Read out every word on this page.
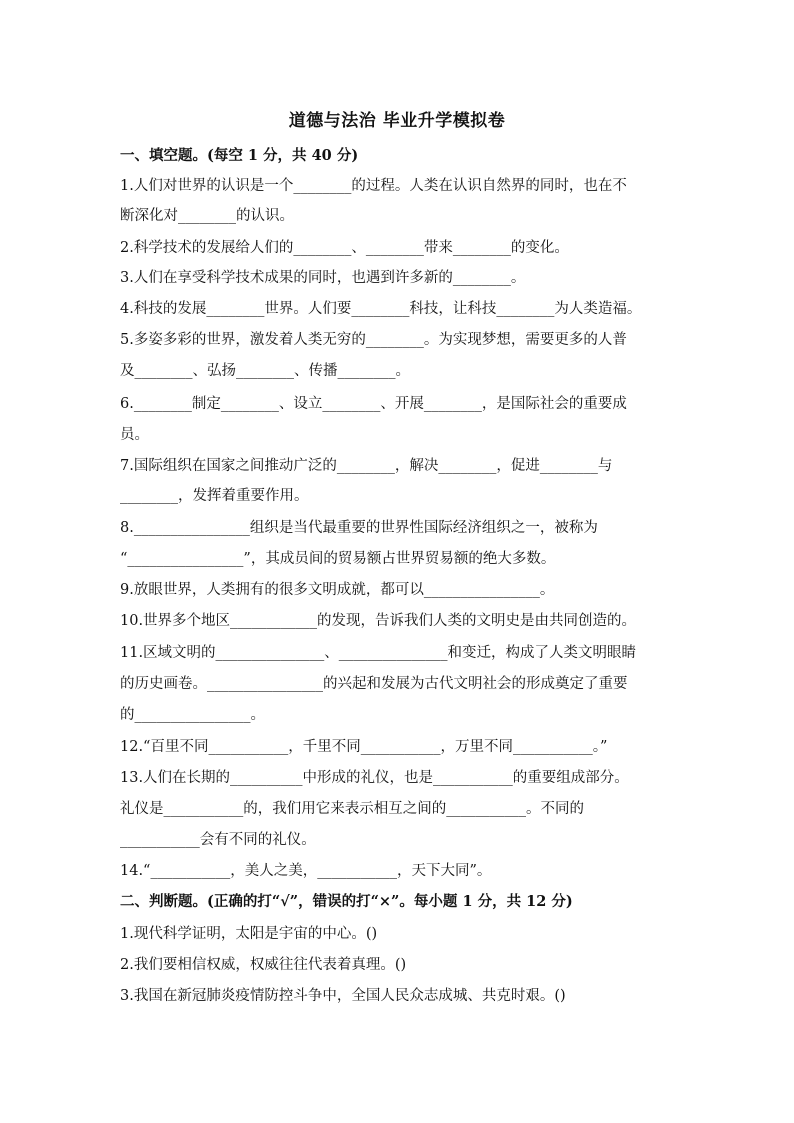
道德与法治 毕业升学模拟卷
一、填空题。(每空 1 分，共 40 分)
1.人们对世界的认识是一个________的过程。人类在认识自然界的同时，也在不
断深化对________的认识。
2.科学技术的发展给人们的________、________带来________的变化。
3.人们在享受科学技术成果的同时，也遇到许多新的________。
4.科技的发展________世界。人们要________科技，让科技________为人类造福。
5.多姿多彩的世界，激发着人类无穷的________。为实现梦想，需要更多的人普
及________、弘扬________、传播________。
6.________制定________、设立________、开展________，是国际社会的重要成
员。
7.国际组织在国家之间推动广泛的________，解决________，促进________与
________，发挥着重要作用。
8.________________组织是当代最重要的世界性国际经济组织之一，被称为
“________________”，其成员间的贸易额占世界贸易额的绝大多数。
9.放眼世界，人类拥有的很多文明成就，都可以________________。
10.世界多个地区____________的发现，告诉我们人类的文明史是由共同创造的。
11.区域文明的_______________、_______________和变迁，构成了人类文明眼睛
的历史画卷。________________的兴起和发展为古代文明社会的形成奠定了重要
的________________。
12.“百里不同___________，千里不同___________，万里不同___________。”
13.人们在长期的__________中形成的礼仪，也是___________的重要组成部分。
礼仪是___________的，我们用它来表示相互之间的___________。不同的
___________会有不同的礼仪。
14.“___________，美人之美，___________，天下大同”。
二、判断题。(正确的打“√”，错误的打“×”。每小题 1 分，共 12 分)
1.现代科学证明，太阳是宇宙的中心。()
2.我们要相信权威，权威往往代表着真理。()
3.我国在新冠肺炎疫情防控斗争中，全国人民众志成城、共克时艰。()
